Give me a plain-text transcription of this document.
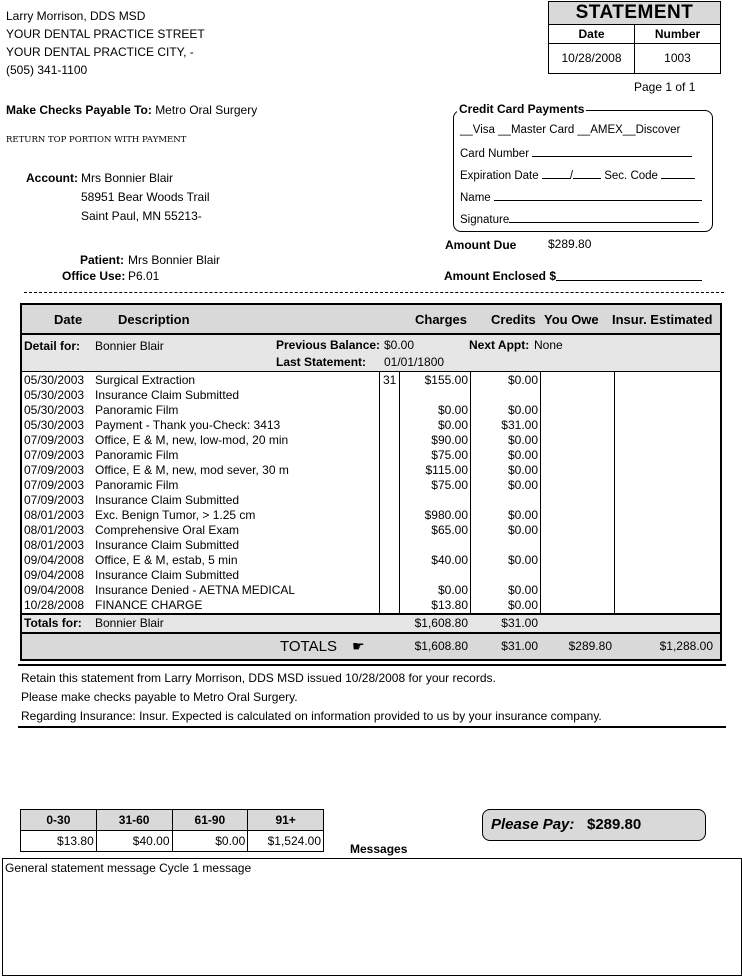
Larry Morrison, DDS MSD
YOUR DENTAL PRACTICE STREET
YOUR DENTAL PRACTICE CITY, -
(505) 341-1100
STATEMENT
Date	Number
10/28/2008	1003
Page 1 of 1
Make Checks Payable To: Metro Oral Surgery
RETURN TOP PORTION WITH PAYMENT
Account: Mrs Bonnier Blair
58951 Bear Woods Trail
Saint Paul, MN 55213-
Patient: Mrs Bonnier Blair
Office Use: P6.01
__Visa __Master Card __AMEX__Discover
Card Number
Expiration Date	/	Sec. Code
Name
Signature
Credit Card Payments
Amount Due	$289.80
Amount Enclosed $
Date	Description	Charges Credits You Owe Insur. Estimated
Detail for: Bonnier Blair	Previous Balance: $0.00	Next Appt: None
Last Statement: 01/01/1800
05/30/2003 Surgical Extraction	31	$155.00	$0.00
05/30/2003 Insurance Claim Submitted
05/30/2003 Panoramic Film	$0.00	$0.00
05/30/2003 Payment - Thank you-Check: 3413	$0.00	$31.00
07/09/2003 Office, E & M, new, low-mod, 20 min	$90.00	$0.00
07/09/2003 Panoramic Film	$75.00	$0.00
07/09/2003 Office, E & M, new, mod sever, 30 m	$115.00	$0.00
07/09/2003 Panoramic Film	$75.00	$0.00
07/09/2003 Insurance Claim Submitted
08/01/2003 Exc. Benign Tumor, > 1.25 cm	$980.00	$0.00
08/01/2003 Comprehensive Oral Exam	$65.00	$0.00
08/01/2003 Insurance Claim Submitted
09/04/2008 Office, E & M, estab, 5 min	$40.00	$0.00
09/04/2008 Insurance Claim Submitted
09/04/2008 Insurance Denied - AETNA MEDICAL	$0.00	$0.00
10/28/2008 FINANCE CHARGE	$13.80	$0.00
Totals for: Bonnier Blair	$1,608.80	$31.00
TOTALS ☛	$1,608.80	$31.00	$289.80	$1,288.00
Retain this statement from Larry Morrison, DDS MSD issued 10/28/2008 for your records.
Please make checks payable to Metro Oral Surgery.
Regarding Insurance: Insur. Expected is calculated on information provided to us by your insurance company.
0-30	31-60	61-90	91+
$13.80	$40.00	$0.00	$1,524.00
Please Pay: $289.80
Messages
General statement message Cycle 1 message
